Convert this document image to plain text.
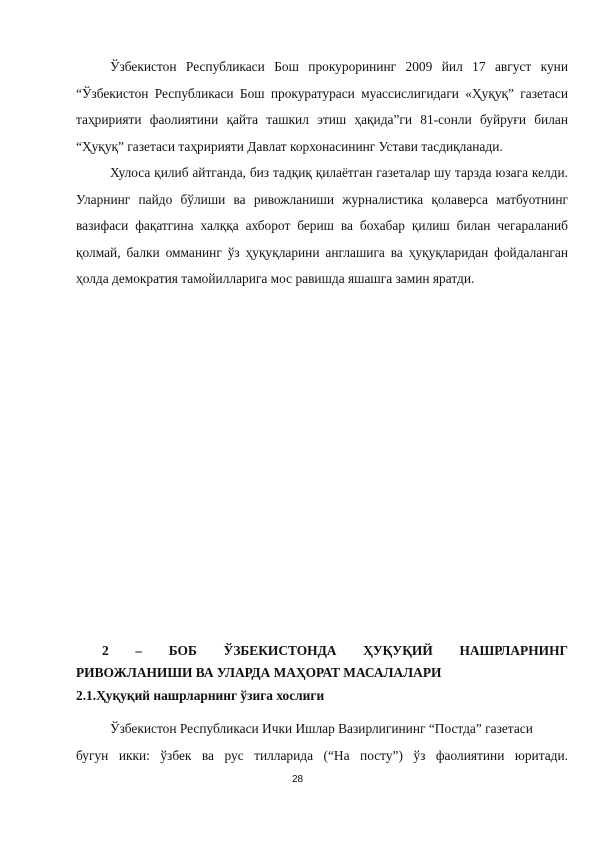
Ўзбекистон Республикаси Бош прокурорининг 2009 йил 17 август куни “Ўзбекистон Республикаси Бош прокуратураси муассислигидаги «Ҳуқуқ” газетаси таҳририяти фаолиятини қайта ташкил этиш ҳақида”ги 81-сонли буйруғи билан “Ҳуқуқ” газетаси таҳририяти Давлат корхонасининг Устави тасдиқланади.

Хулоса қилиб айтганда, биз тадқиқ қилаётган газеталар шу тарзда юзага келди. Уларнинг пайдо бўлиши ва ривожланиши журналистика қолаверса матбуотнинг вазифаси фақатгина халққа ахборот бериш ва бохабар қилиш билан чегараланиб қолмай, балки омманинг ўз ҳуқуқларини англашига ва ҳуқуқларидан фойдаланган ҳолда демократия тамойилларига мос равишда яшашга замин яратди.

2 – БОБ ЎЗБЕКИСТОНДА ҲУҚУҚИЙ НАШРЛАРНИНГ
РИВОЖЛАНИШИ ВА УЛАРДА МАҲОРАТ МАСАЛАЛАРИ
2.1.Ҳуқуқий нашрларнинг ўзига хослиги

Ўзбекистон Республикаси Ички Ишлар Вазирлигининг “Постда” газетаси
бугун икки: ўзбек ва рус тилларида (“На посту”) ўз фаолиятини юритади.

28
